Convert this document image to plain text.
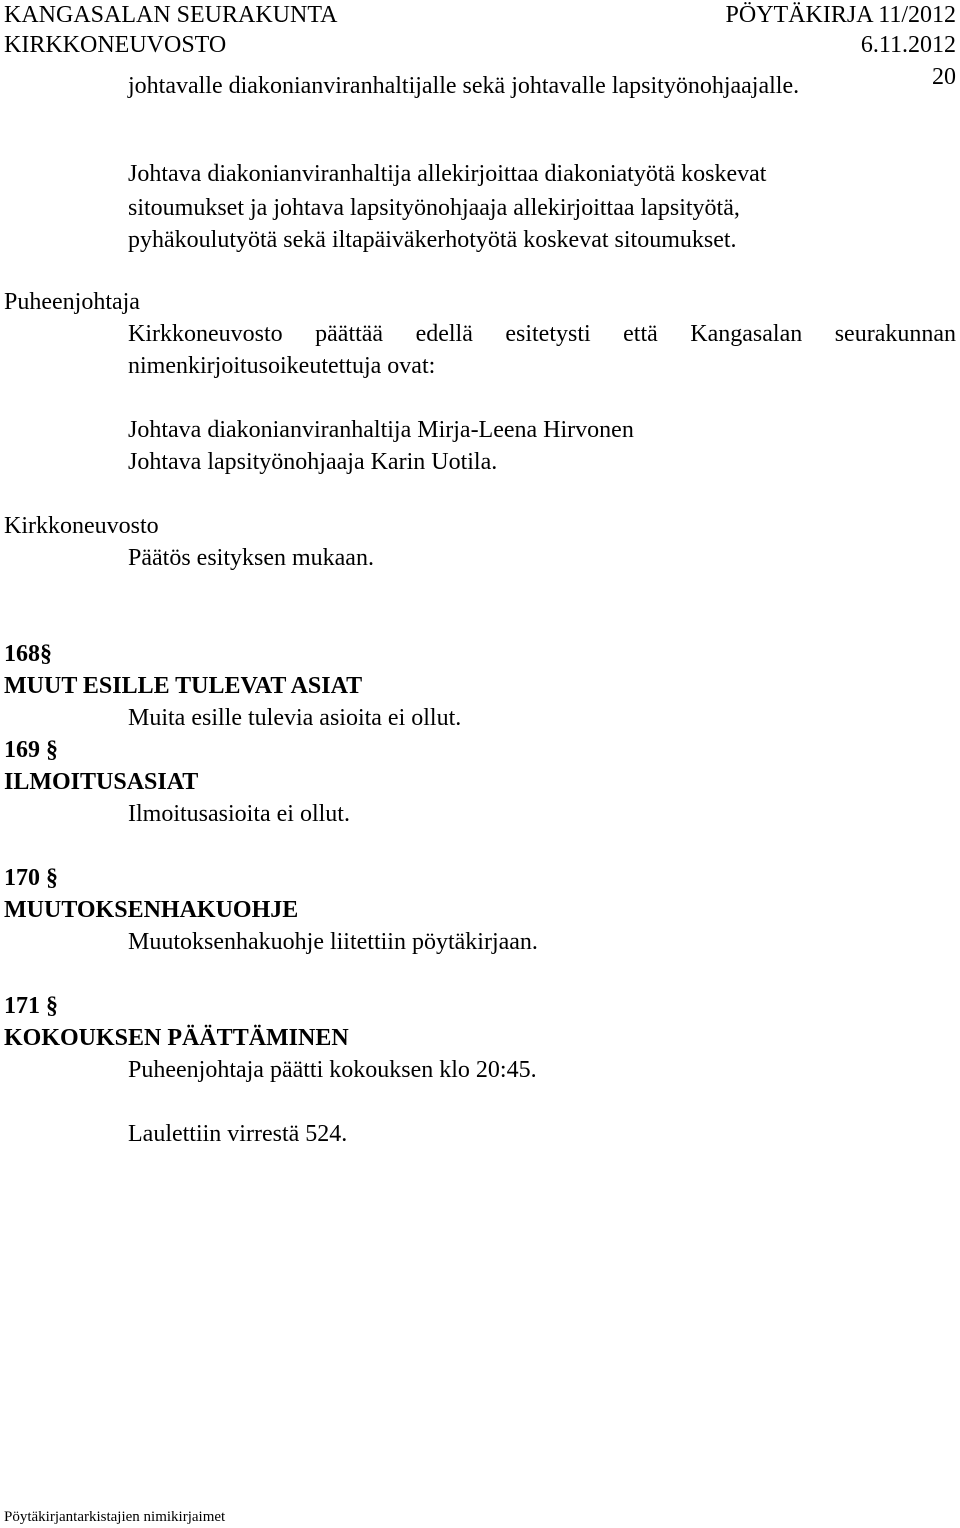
KANGASALAN SEURAKUNTA	PÖYTÄKIRJA 11/2012
KIRKKONEUVOSTO	6.11.2012
20
johtavalle diakonianviranhaltijalle sekä johtavalle lapsityönohjaajalle.
Johtava diakonianviranhaltija allekirjoittaa diakoniatyötä koskevat
sitoumukset ja johtava lapsityönohjaaja allekirjoittaa lapsityötä,
pyhäkoulutyötä sekä iltapäiväkerhotyötä koskevat sitoumukset.
Puheenjohtaja
Kirkkoneuvosto päättää edellä esitetysti että Kangasalan seurakunnan
nimenkirjoitusoikeutettuja ovat:
Johtava diakonianviranhaltija Mirja-Leena Hirvonen
Johtava lapsityönohjaaja Karin Uotila.
Kirkkoneuvosto
Päätös esityksen mukaan.
168§
MUUT ESILLE TULEVAT ASIAT
Muita esille tulevia asioita ei ollut.
169 §
ILMOITUSASIAT
Ilmoitusasioita ei ollut.
170 §
MUUTOKSENHAKUOHJE
Muutoksenhakuohje liitettiin pöytäkirjaan.
171 §
KOKOUKSEN PÄÄTTÄMINEN
Puheenjohtaja päätti kokouksen klo 20:45.
Laulettiin virrestä 524.
Pöytäkirjantarkistajien nimikirjaimet
